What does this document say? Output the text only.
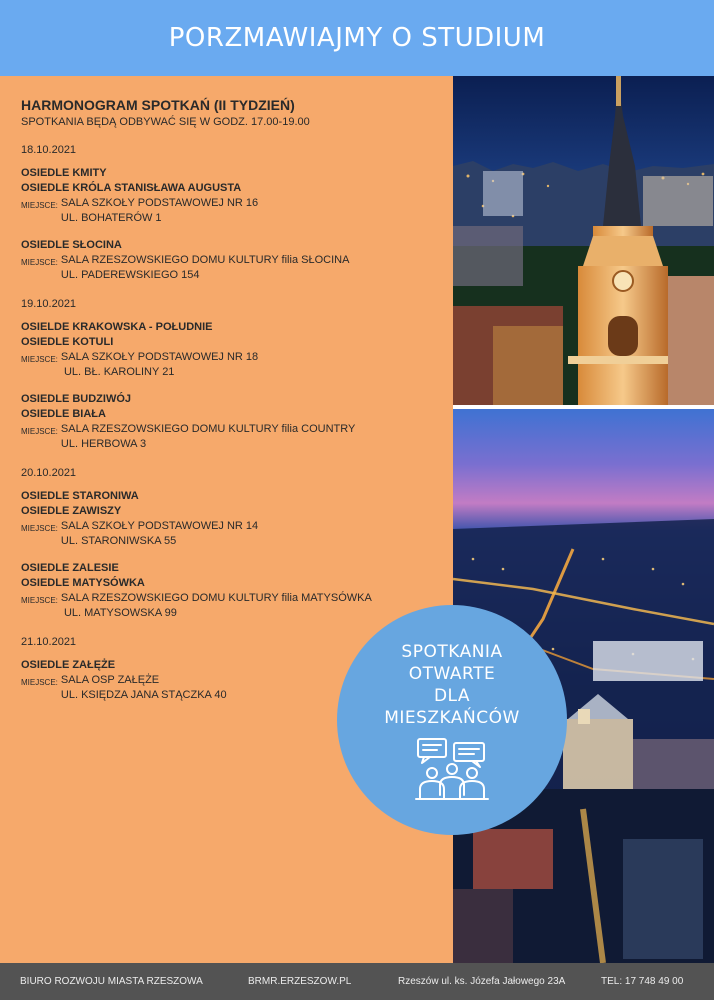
PORZMAWIAJMY O STUDIUM
HARMONOGRAM SPOTKAŃ (II TYDZIEŃ)
SPOTKANIA BĘDĄ ODBYWAĆ SIĘ W GODZ. 17.00-19.00
18.10.2021
OSIEDLE KMITY
OSIEDLE KRÓLA STANISŁAWA AUGUSTA
MIEJSCE: SALA SZKOŁY PODSTAWOWEJ NR 16
UL. BOHATERÓW 1
OSIEDLE SŁOCINA
MIEJSCE: SALA RZESZOWSKIEGO DOMU KULTURY filia SŁOCINA
UL. PADEREWSKIEGO 154
19.10.2021
OSIELDE KRAKOWSKA - POŁUDNIE
OSIEDLE KOTULI
MIEJSCE: SALA SZKOŁY PODSTAWOWEJ NR 18
UL. BŁ. KAROLINY 21
OSIEDLE BUDZIWÓJ
OSIEDLE BIAŁA
MIEJSCE: SALA RZESZOWSKIEGO DOMU KULTURY filia COUNTRY
UL. HERBOWA 3
20.10.2021
OSIEDLE STARONIWA
OSIEDLE ZAWISZY
MIEJSCE: SALA SZKOŁY PODSTAWOWEJ NR 14
UL. STARONIWSKA 55
OSIEDLE ZALESIE
OSIEDLE MATYSÓWKA
MIEJSCE: SALA RZESZOWSKIEGO DOMU KULTURY filia MATYSÓWKA
UL. MATYSOWSKA 99
21.10.2021
OSIEDLE ZAŁĘŻE
MIEJSCE: SALA OSP ZAŁĘŻE
UL. KSIĘDZA JANA STĄCZKA 40
SPOTKANIA
OTWARTE
DLA
MIESZKAŃCÓW
BIURO ROZWOJU MIASTA RZESZOWA	BRMR.ERZESZOW.PL	Rzeszów ul. ks. Józefa Jałowego 23A	TEL: 17 748 49 00
